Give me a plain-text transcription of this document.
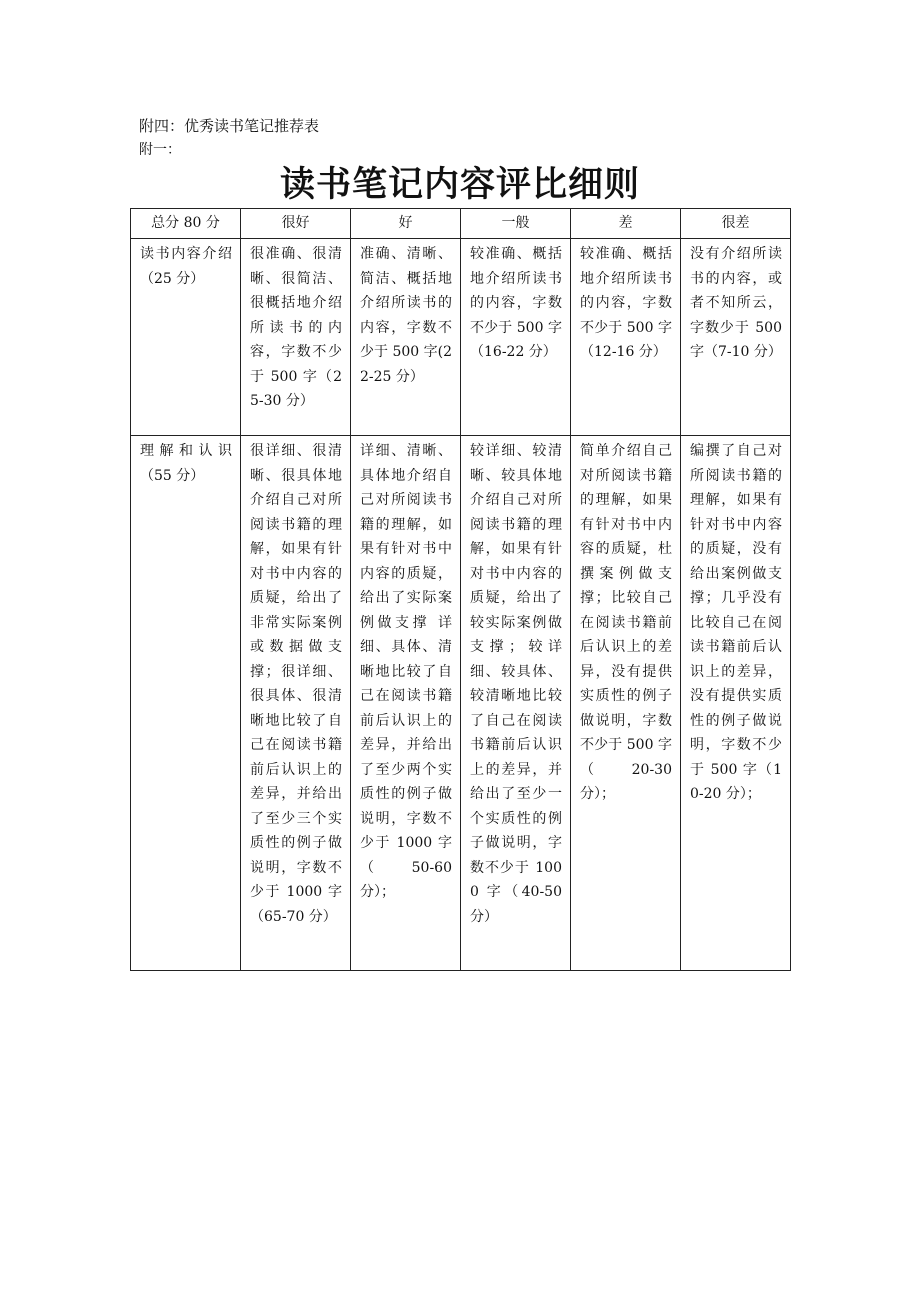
附四：优秀读书笔记推荐表
附一：
读书笔记内容评比细则
总分 80 分	很好	好	一般	差	很差
读书内容介绍（25 分）	很准确、很清晰、很简洁、很概括地介绍所读书的内容，字数不少于 500 字（25-30 分）	准确、清晰、简洁、概括地介绍所读书的内容，字数不少于 500 字(22-25 分）	较准确、概括地介绍所读书的内容，字数不少于 500 字（16-22 分）	较准确、概括地介绍所读书的内容，字数不少于 500 字（12-16 分）	没有介绍所读书的内容，或者不知所云，字数少于 500 字（7-10 分）
理解和认识（55 分）	很详细、很清晰、很具体地介绍自己对所阅读书籍的理解，如果有针对书中内容的质疑，给出了非常实际案例或数据做支撑；很详细、很具体、很清晰地比较了自己在阅读书籍前后认识上的差异，并给出了至少三个实质性的例子做说明，字数不少于 1000 字（65-70 分）	详细、清晰、具体地介绍自己对所阅读书籍的理解，如果有针对书中内容的质疑，给出了实际案例做支撑 详细、具体、清晰地比较了自己在阅读书籍前后认识上的差异，并给出了至少两个实质性的例子做说明，字数不少于 1000 字（50-60 分）；	较详细、较清晰、较具体地介绍自己对所阅读书籍的理解，如果有针对书中内容的质疑，给出了较实际案例做支撑；较详细、较具体、较清晰地比较了自己在阅读书籍前后认识上的差异，并给出了至少一个实质性的例子做说明，字数不少于 1000 字（40-50 分）	简单介绍自己对所阅读书籍的理解，如果有针对书中内容的质疑，杜撰案例做支撑；比较自己在阅读书籍前后认识上的差异，没有提供实质性的例子做说明，字数不少于 500 字（20-30 分）；	编撰了自己对所阅读书籍的理解，如果有针对书中内容的质疑，没有给出案例做支撑；几乎没有比较自己在阅读书籍前后认识上的差异，没有提供实质性的例子做说明，字数不少于 500 字（10-20 分）；
